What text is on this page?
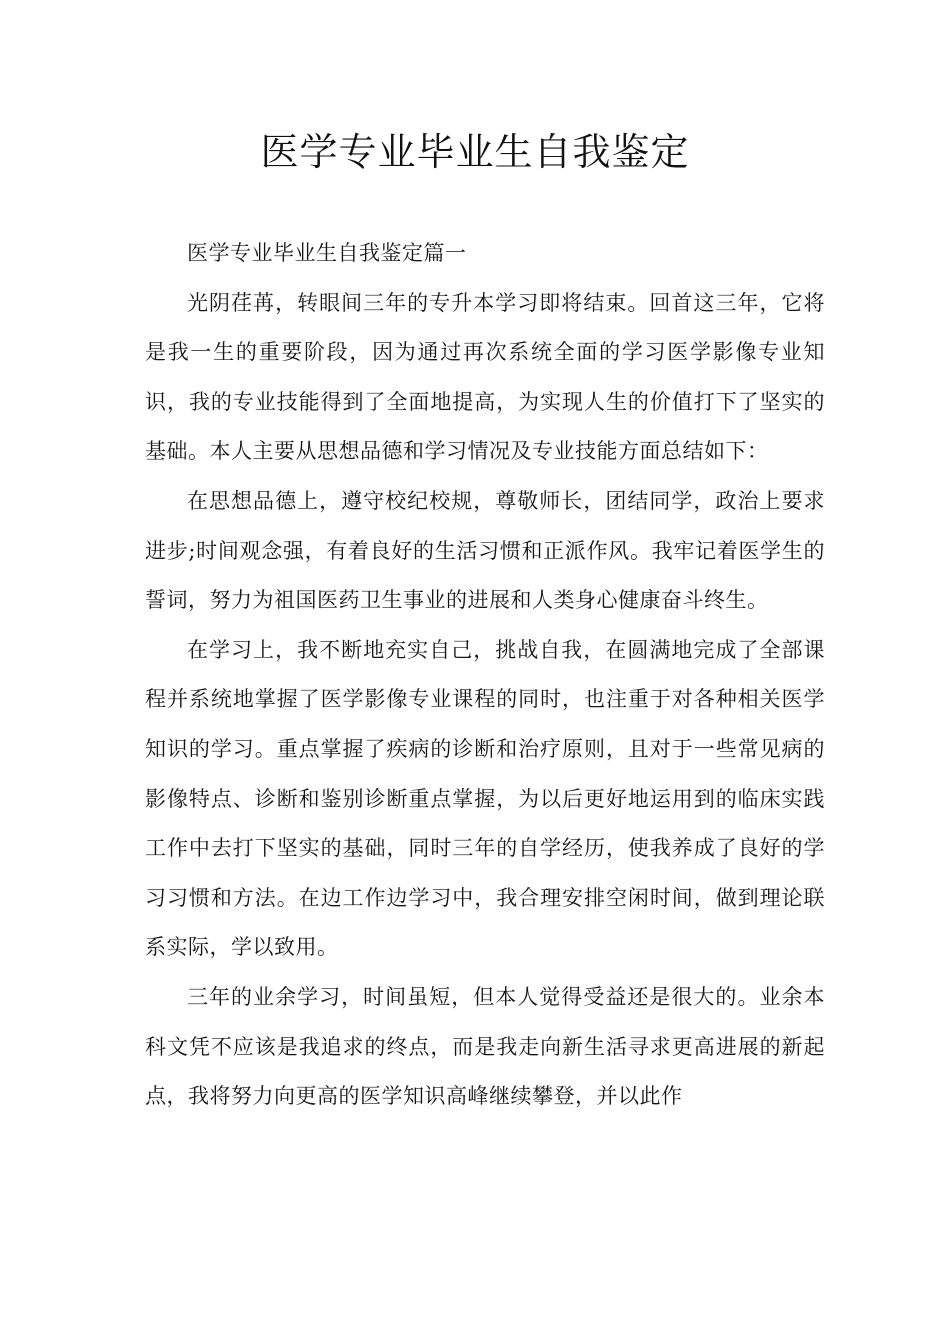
医学专业毕业生自我鉴定

医学专业毕业生自我鉴定篇一

光阴荏苒，转眼间三年的专升本学习即将结束。回首这三年，它将是我一生的重要阶段，因为通过再次系统全面的学习医学影像专业知识，我的专业技能得到了全面地提高，为实现人生的价值打下了坚实的基础。本人主要从思想品德和学习情况及专业技能方面总结如下：

在思想品德上，遵守校纪校规，尊敬师长，团结同学，政治上要求进步;时间观念强，有着良好的生活习惯和正派作风。我牢记着医学生的誓词，努力为祖国医药卫生事业的进展和人类身心健康奋斗终生。

在学习上，我不断地充实自己，挑战自我，在圆满地完成了全部课程并系统地掌握了医学影像专业课程的同时，也注重于对各种相关医学知识的学习。重点掌握了疾病的诊断和治疗原则，且对于一些常见病的影像特点、诊断和鉴别诊断重点掌握，为以后更好地运用到的临床实践工作中去打下坚实的基础，同时三年的自学经历，使我养成了良好的学习习惯和方法。在边工作边学习中，我合理安排空闲时间，做到理论联系实际，学以致用。

三年的业余学习，时间虽短，但本人觉得受益还是很大的。业余本科文凭不应该是我追求的终点，而是我走向新生活寻求更高进展的新起点，我将努力向更高的医学知识高峰继续攀登，并以此作
